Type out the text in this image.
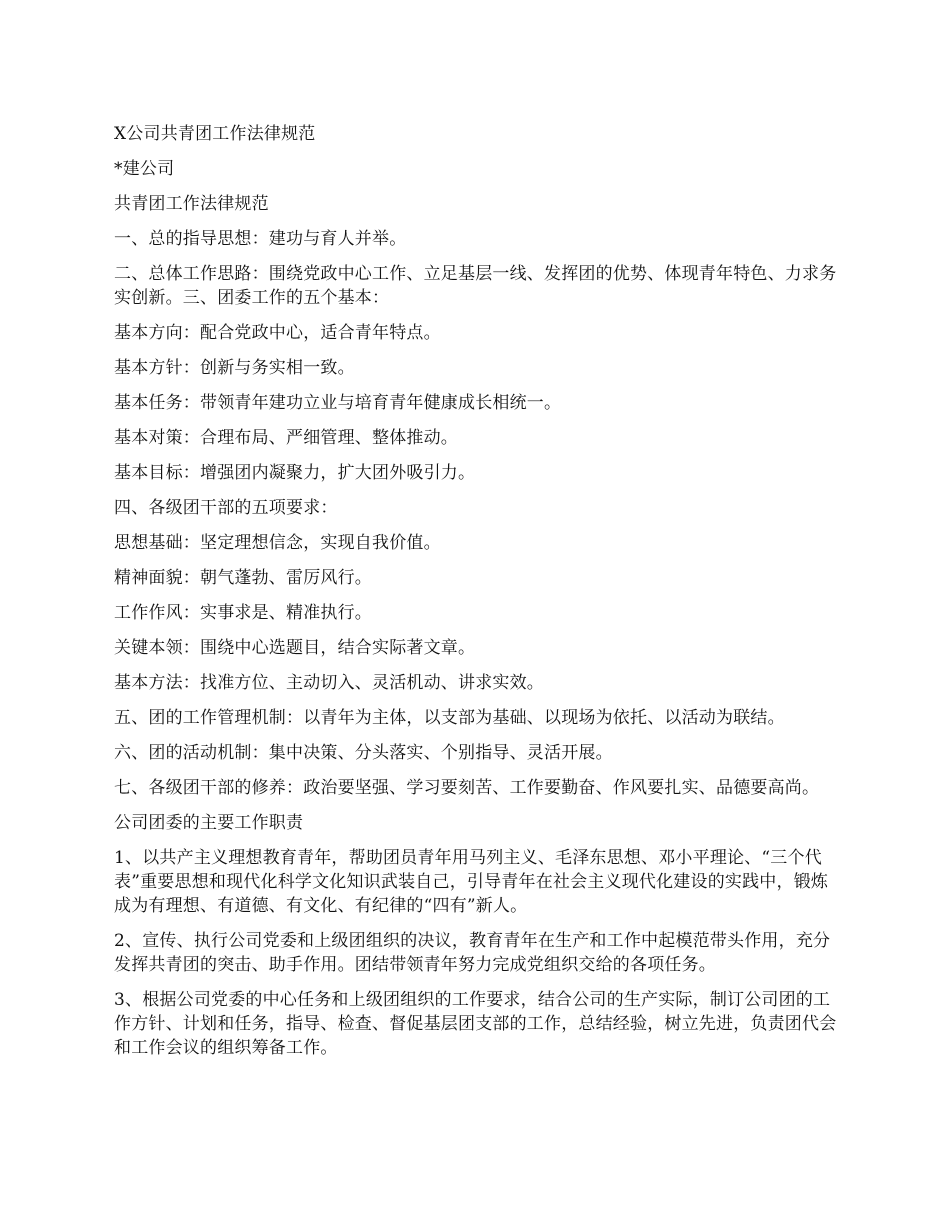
X公司共青团工作法律规范

*建公司

共青团工作法律规范

一、总的指导思想：建功与育人并举。

二、总体工作思路：围绕党政中心工作、立足基层一线、发挥团的优势、体现青年特色、力求务实创新。三、团委工作的五个基本：

基本方向：配合党政中心，适合青年特点。

基本方针：创新与务实相一致。

基本任务：带领青年建功立业与培育青年健康成长相统一。

基本对策：合理布局、严细管理、整体推动。

基本目标：增强团内凝聚力，扩大团外吸引力。

四、各级团干部的五项要求：

思想基础：坚定理想信念，实现自我价值。

精神面貌：朝气蓬勃、雷厉风行。

工作作风：实事求是、精准执行。

关键本领：围绕中心选题目，结合实际著文章。

基本方法：找准方位、主动切入、灵活机动、讲求实效。

五、团的工作管理机制：以青年为主体，以支部为基础、以现场为依托、以活动为联结。

六、团的活动机制：集中决策、分头落实、个别指导、灵活开展。

七、各级团干部的修养：政治要坚强、学习要刻苦、工作要勤奋、作风要扎实、品德要高尚。

公司团委的主要工作职责

1、以共产主义理想教育青年，帮助团员青年用马列主义、毛泽东思想、邓小平理论、“三个代表”重要思想和现代化科学文化知识武装自己，引导青年在社会主义现代化建设的实践中，锻炼成为有理想、有道德、有文化、有纪律的“四有”新人。

2、宣传、执行公司党委和上级团组织的决议，教育青年在生产和工作中起模范带头作用，充分发挥共青团的突击、助手作用。团结带领青年努力完成党组织交给的各项任务。

3、根据公司党委的中心任务和上级团组织的工作要求，结合公司的生产实际，制订公司团的工作方针、计划和任务，指导、检查、督促基层团支部的工作，总结经验，树立先进，负责团代会和工作会议的组织筹备工作。
